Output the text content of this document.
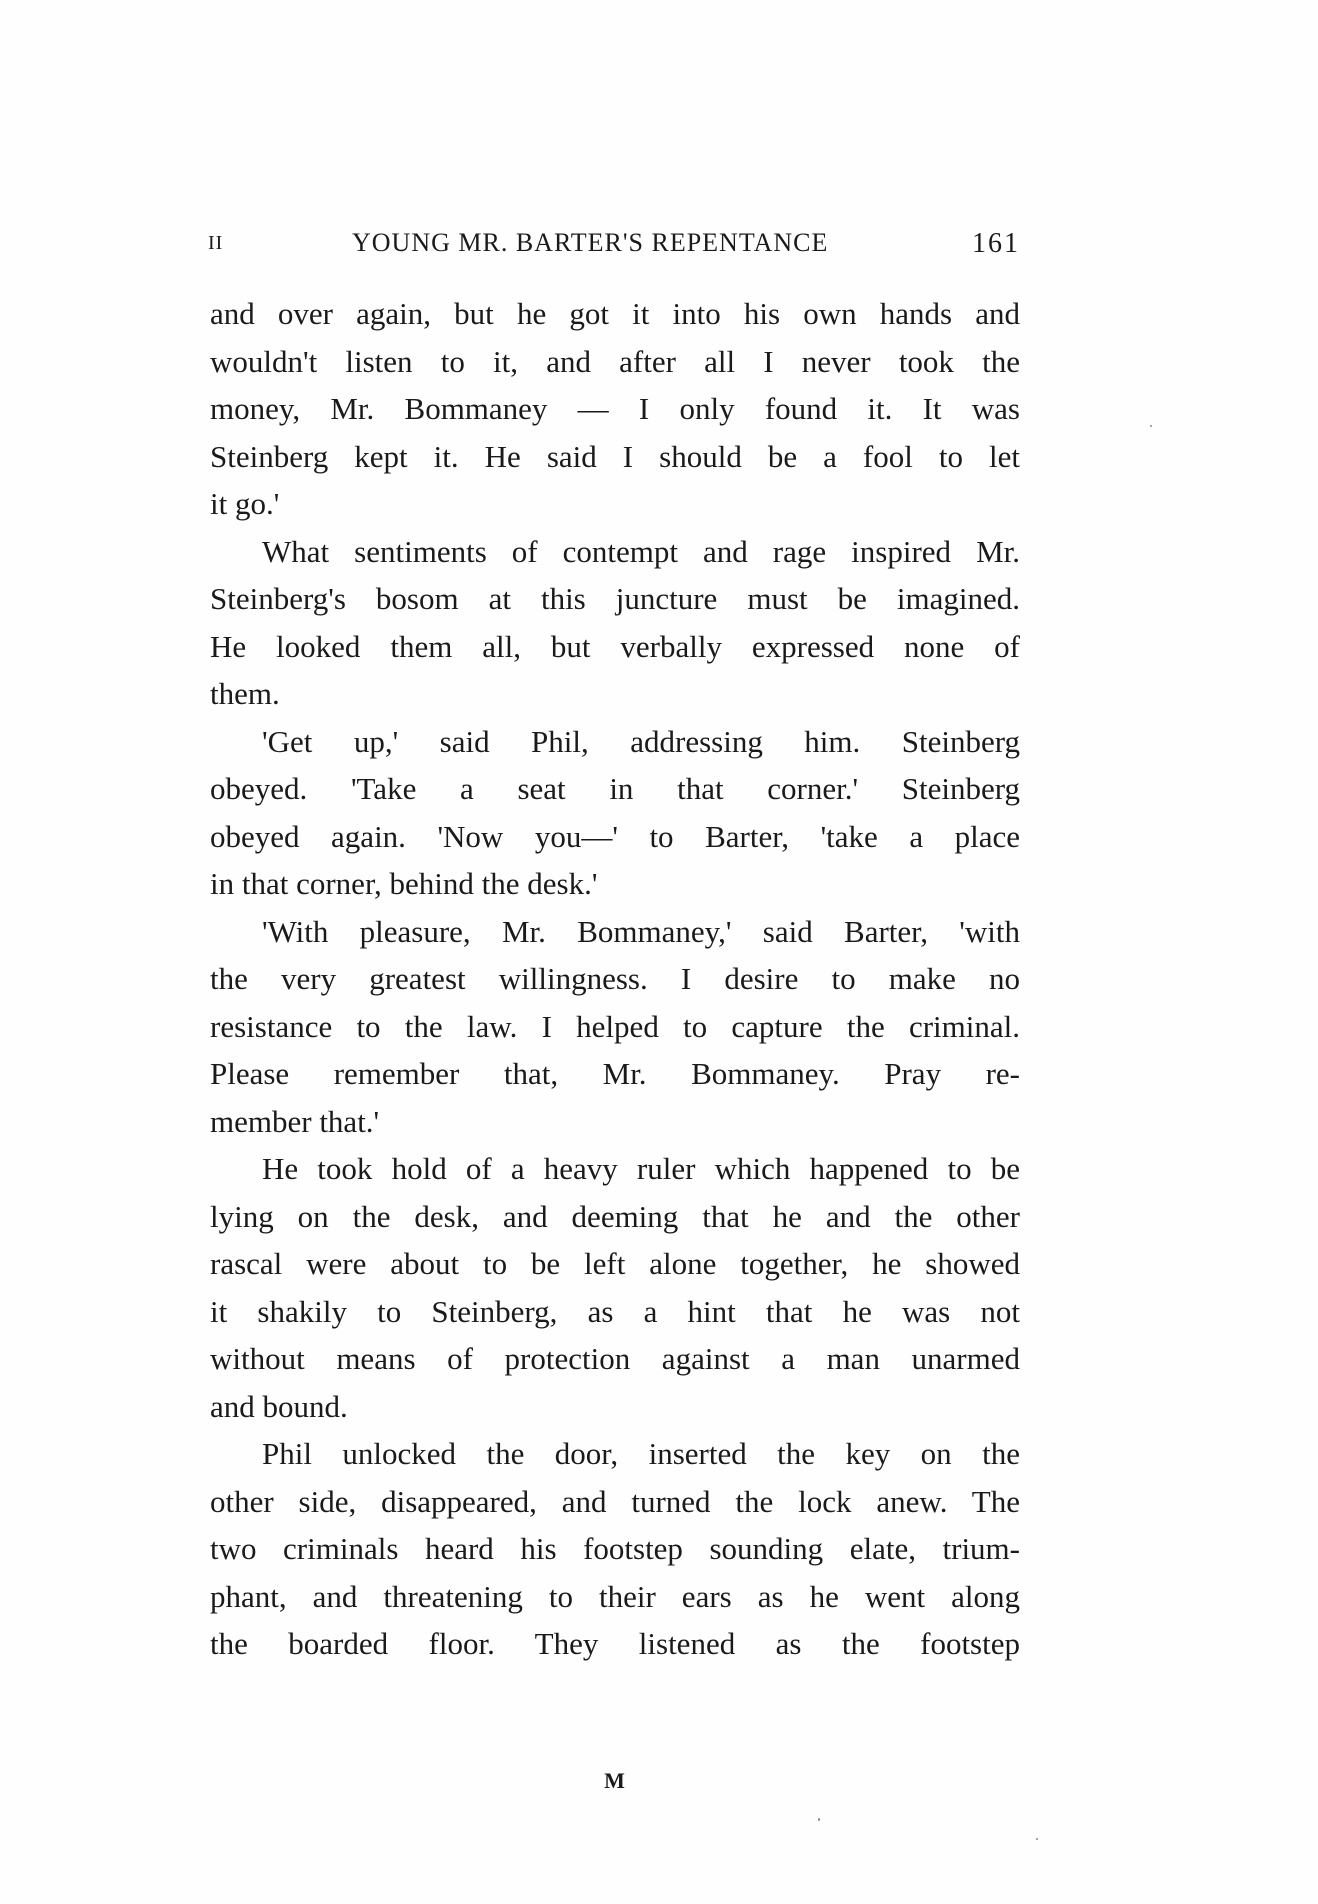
II	YOUNG MR. BARTER'S REPENTANCE	161
and over again, but he got it into his own hands and
wouldn't listen to it, and after all I never took the
money, Mr. Bommaney — I only found it. It was
Steinberg kept it. He said I should be a fool to let
it go.'
What sentiments of contempt and rage inspired Mr.
Steinberg's bosom at this juncture must be imagined.
He looked them all, but verbally expressed none of
them.
'Get up,' said Phil, addressing him. Steinberg
obeyed. 'Take a seat in that corner.' Steinberg
obeyed again. 'Now you—' to Barter, 'take a place
in that corner, behind the desk.'
'With pleasure, Mr. Bommaney,' said Barter, 'with
the very greatest willingness. I desire to make no
resistance to the law. I helped to capture the criminal.
Please remember that, Mr. Bommaney. Pray re-
member that.'
He took hold of a heavy ruler which happened to be
lying on the desk, and deeming that he and the other
rascal were about to be left alone together, he showed
it shakily to Steinberg, as a hint that he was not
without means of protection against a man unarmed
and bound.
Phil unlocked the door, inserted the key on the
other side, disappeared, and turned the lock anew. The
two criminals heard his footstep sounding elate, trium-
phant, and threatening to their ears as he went along
the boarded floor. They listened as the footstep
M
